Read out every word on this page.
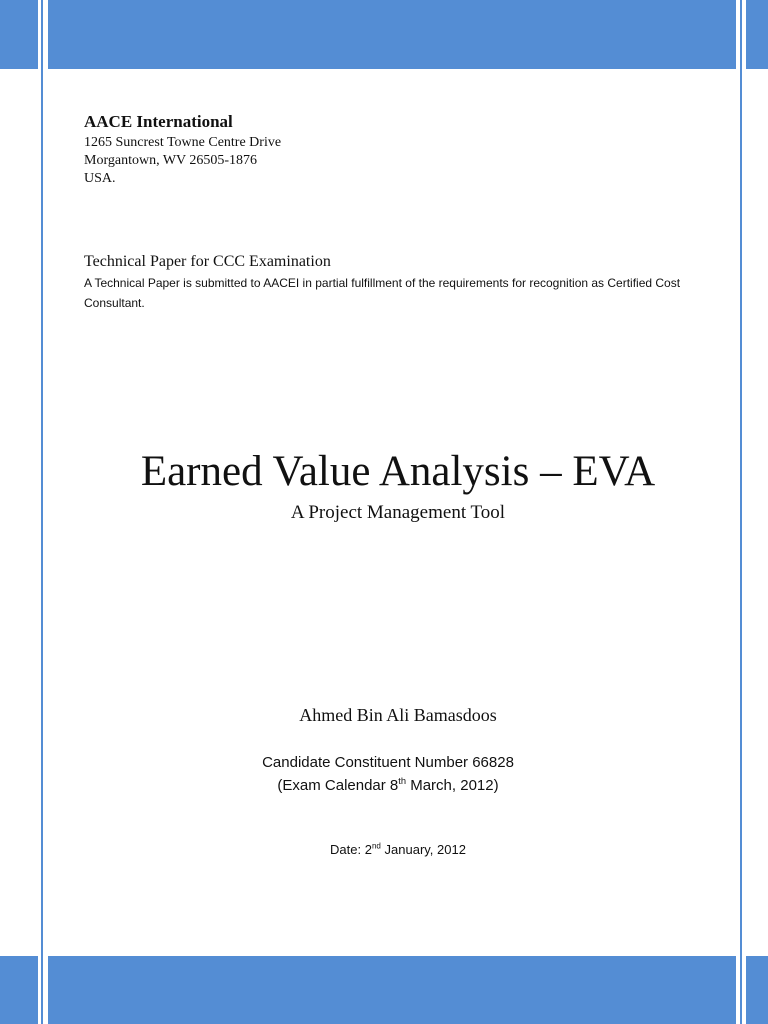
AACE International
1265 Suncrest Towne Centre Drive
Morgantown, WV 26505-1876
USA.
Technical Paper for CCC Examination
A Technical Paper is submitted to AACEI in partial fulfillment of the requirements for recognition as Certified Cost Consultant.
Earned Value Analysis – EVA
A Project Management Tool
Ahmed Bin Ali Bamasdoos
Candidate Constituent Number 66828
(Exam Calendar 8th March, 2012)
Date: 2nd January, 2012
